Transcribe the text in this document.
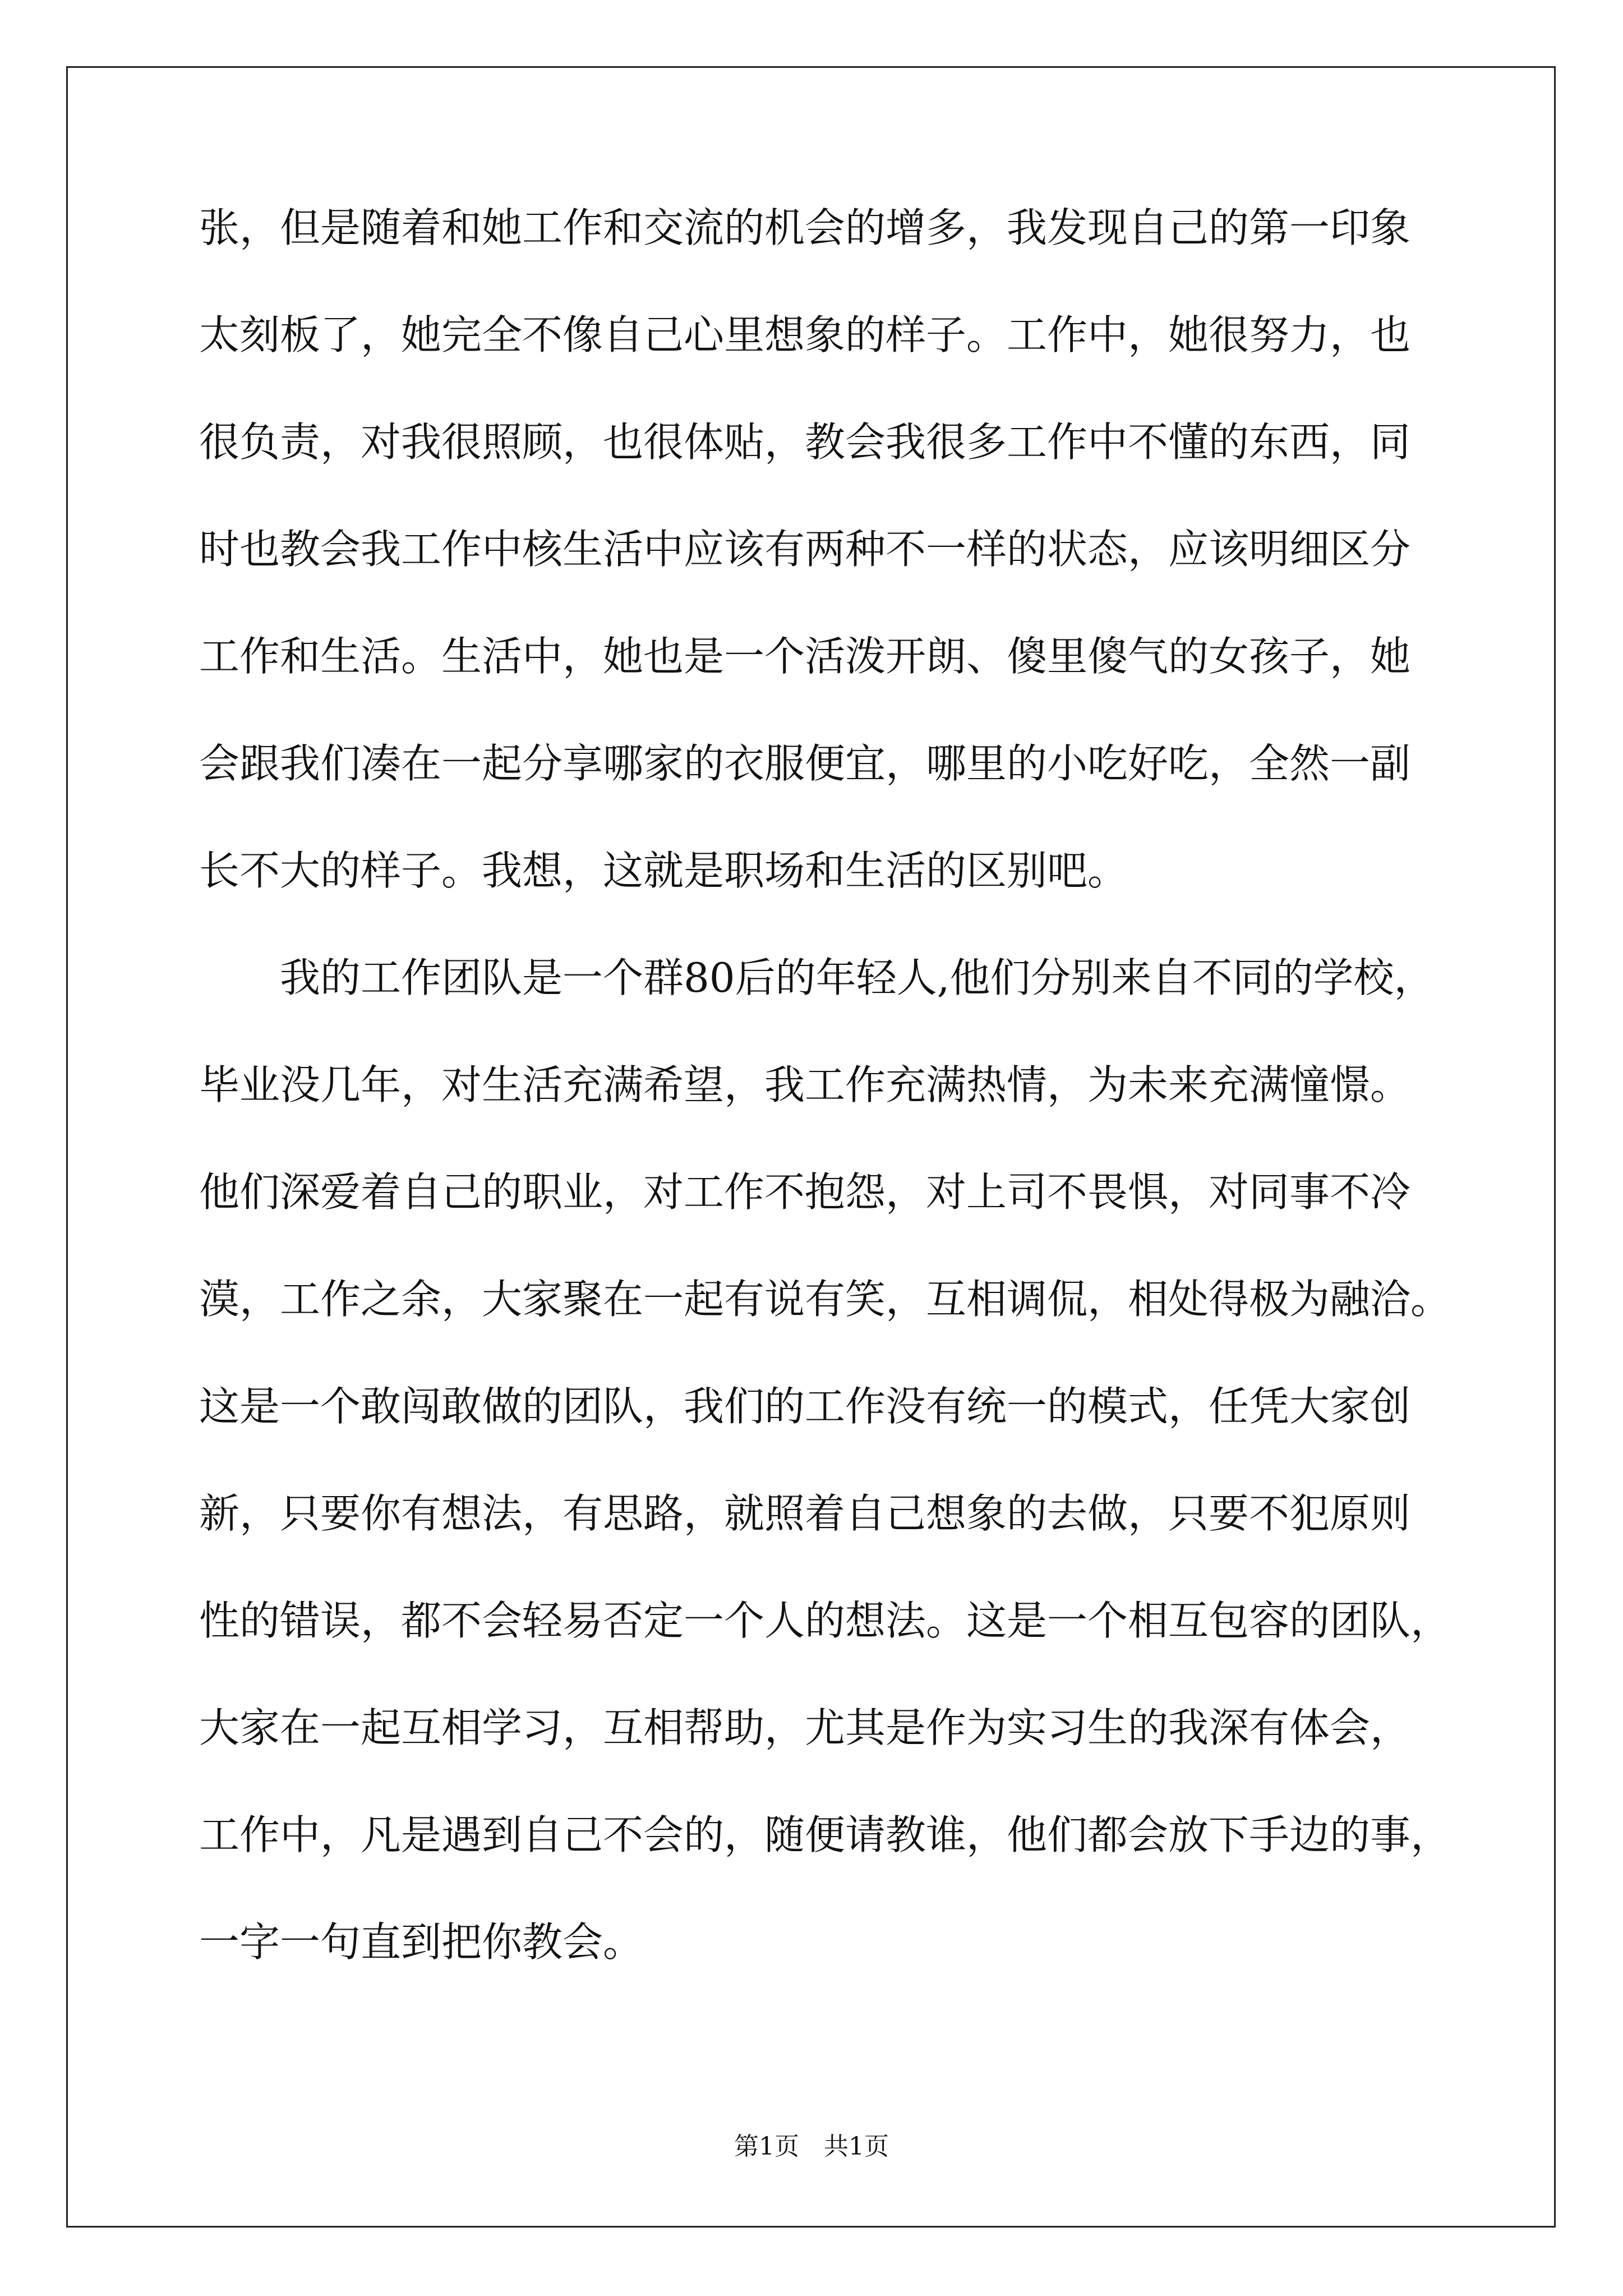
张，但是随着和她工作和交流的机会的增多，我发现自己的第一印象
太刻板了，她完全不像自己心里想象的样子。工作中，她很努力，也
很负责，对我很照顾，也很体贴，教会我很多工作中不懂的东西，同
时也教会我工作中核生活中应该有两种不一样的状态，应该明细区分
工作和生活。生活中，她也是一个活泼开朗、傻里傻气的女孩子，她
会跟我们凑在一起分享哪家的衣服便宜，哪里的小吃好吃，全然一副
长不大的样子。我想，这就是职场和生活的区别吧。
我的工作团队是一个群80后的年轻人,他们分别来自不同的学校，
毕业没几年，对生活充满希望，我工作充满热情，为未来充满憧憬。
他们深爱着自己的职业，对工作不抱怨，对上司不畏惧，对同事不冷
漠，工作之余，大家聚在一起有说有笑，互相调侃，相处得极为融洽。
这是一个敢闯敢做的团队，我们的工作没有统一的模式，任凭大家创
新，只要你有想法，有思路，就照着自己想象的去做，只要不犯原则
性的错误，都不会轻易否定一个人的想法。这是一个相互包容的团队，
大家在一起互相学习，互相帮助，尤其是作为实习生的我深有体会，
工作中，凡是遇到自己不会的，随便请教谁，他们都会放下手边的事，
一字一句直到把你教会。
第1页　共1页
